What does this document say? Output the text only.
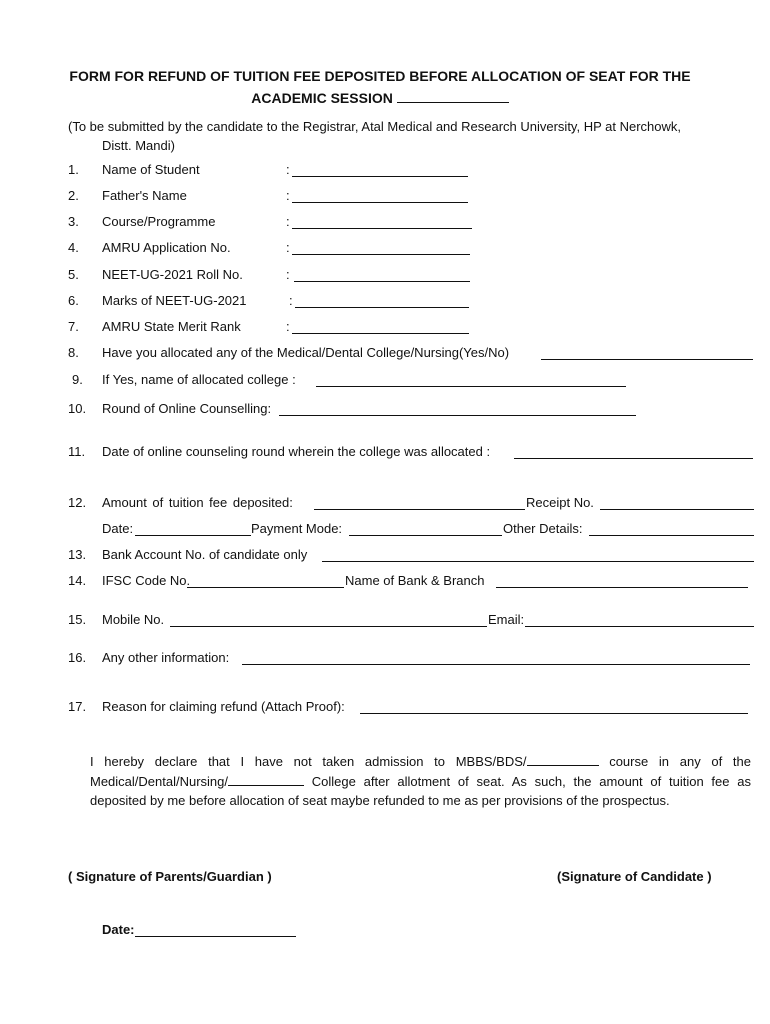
FORM FOR REFUND OF TUITION FEE DEPOSITED BEFORE ALLOCATION OF SEAT FOR THE
ACADEMIC SESSION
(To be submitted by the candidate to the Registrar, Atal Medical and Research University, HP at Nerchowk,
Distt. Mandi)
1. Name of Student	:
2. Father's Name	:
3. Course/Programme	:
4. AMRU Application No.	:
5. NEET-UG-2021 Roll No.	:
6. Marks of NEET-UG-2021	:
7. AMRU State Merit Rank	:
8. Have you allocated any of the Medical/Dental College/Nursing(Yes/No)
9. If Yes, name of allocated college :
10. Round of Online Counselling:
11. Date of online counseling round wherein the college was allocated :
12. Amount of tuition fee deposited:	Receipt No.
Date:	Payment Mode:	Other Details:
13. Bank Account No. of candidate only
14. IFSC Code No.	Name of Bank & Branch
15. Mobile No.	Email:
16. Any other information:
17. Reason for claiming refund (Attach Proof):
I hereby declare that I have not taken admission to MBBS/BDS/	course in any of the Medical/Dental/Nursing/	College after allotment of seat. As such, the amount of tuition fee as deposited by me before allocation of seat maybe refunded to me as per provisions of the prospectus.
( Signature of Parents/Guardian )	(Signature of Candidate )
Date:
